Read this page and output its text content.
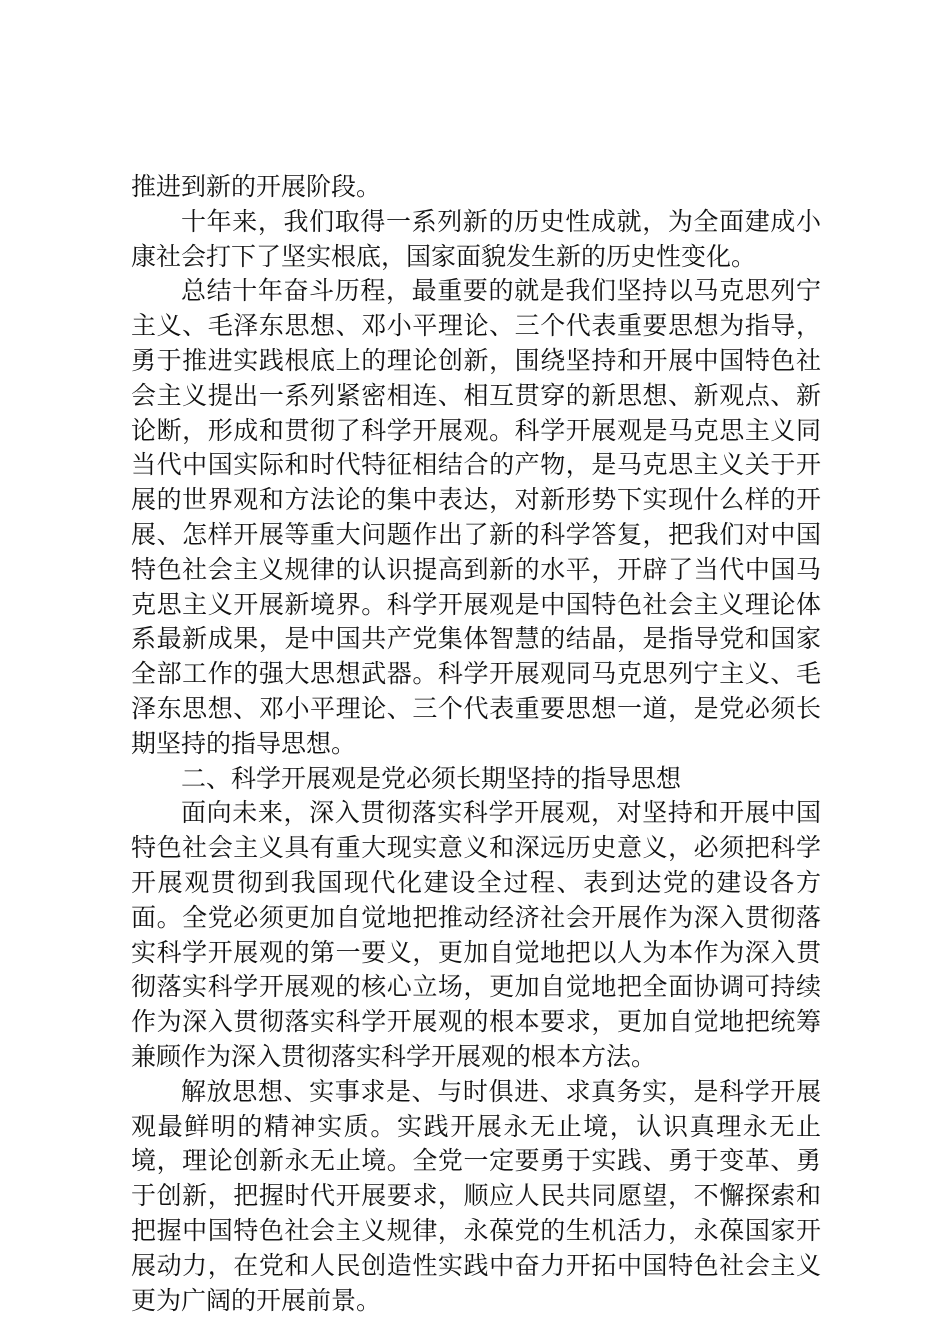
推进到新的开展阶段。

十年来，我们取得一系列新的历史性成就，为全面建成小康社会打下了坚实根底，国家面貌发生新的历史性变化。

总结十年奋斗历程，最重要的就是我们坚持以马克思列宁主义、毛泽东思想、邓小平理论、三个代表重要思想为指导，勇于推进实践根底上的理论创新，围绕坚持和开展中国特色社会主义提出一系列紧密相连、相互贯穿的新思想、新观点、新论断，形成和贯彻了科学开展观。科学开展观是马克思主义同当代中国实际和时代特征相结合的产物，是马克思主义关于开展的世界观和方法论的集中表达，对新形势下实现什么样的开展、怎样开展等重大问题作出了新的科学答复，把我们对中国特色社会主义规律的认识提高到新的水平，开辟了当代中国马克思主义开展新境界。科学开展观是中国特色社会主义理论体系最新成果，是中国共产党集体智慧的结晶，是指导党和国家全部工作的强大思想武器。科学开展观同马克思列宁主义、毛泽东思想、邓小平理论、三个代表重要思想一道，是党必须长期坚持的指导思想。

二、科学开展观是党必须长期坚持的指导思想

面向未来，深入贯彻落实科学开展观，对坚持和开展中国特色社会主义具有重大现实意义和深远历史意义，必须把科学开展观贯彻到我国现代化建设全过程、表到达党的建设各方面。全党必须更加自觉地把推动经济社会开展作为深入贯彻落实科学开展观的第一要义，更加自觉地把以人为本作为深入贯彻落实科学开展观的核心立场，更加自觉地把全面协调可持续作为深入贯彻落实科学开展观的根本要求，更加自觉地把统筹兼顾作为深入贯彻落实科学开展观的根本方法。

解放思想、实事求是、与时俱进、求真务实，是科学开展观最鲜明的精神实质。实践开展永无止境，认识真理永无止境，理论创新永无止境。全党一定要勇于实践、勇于变革、勇于创新，把握时代开展要求，顺应人民共同愿望，不懈探索和把握中国特色社会主义规律，永葆党的生机活力，永葆国家开展动力，在党和人民创造性实践中奋力开拓中国特色社会主义更为广阔的开展前景。
